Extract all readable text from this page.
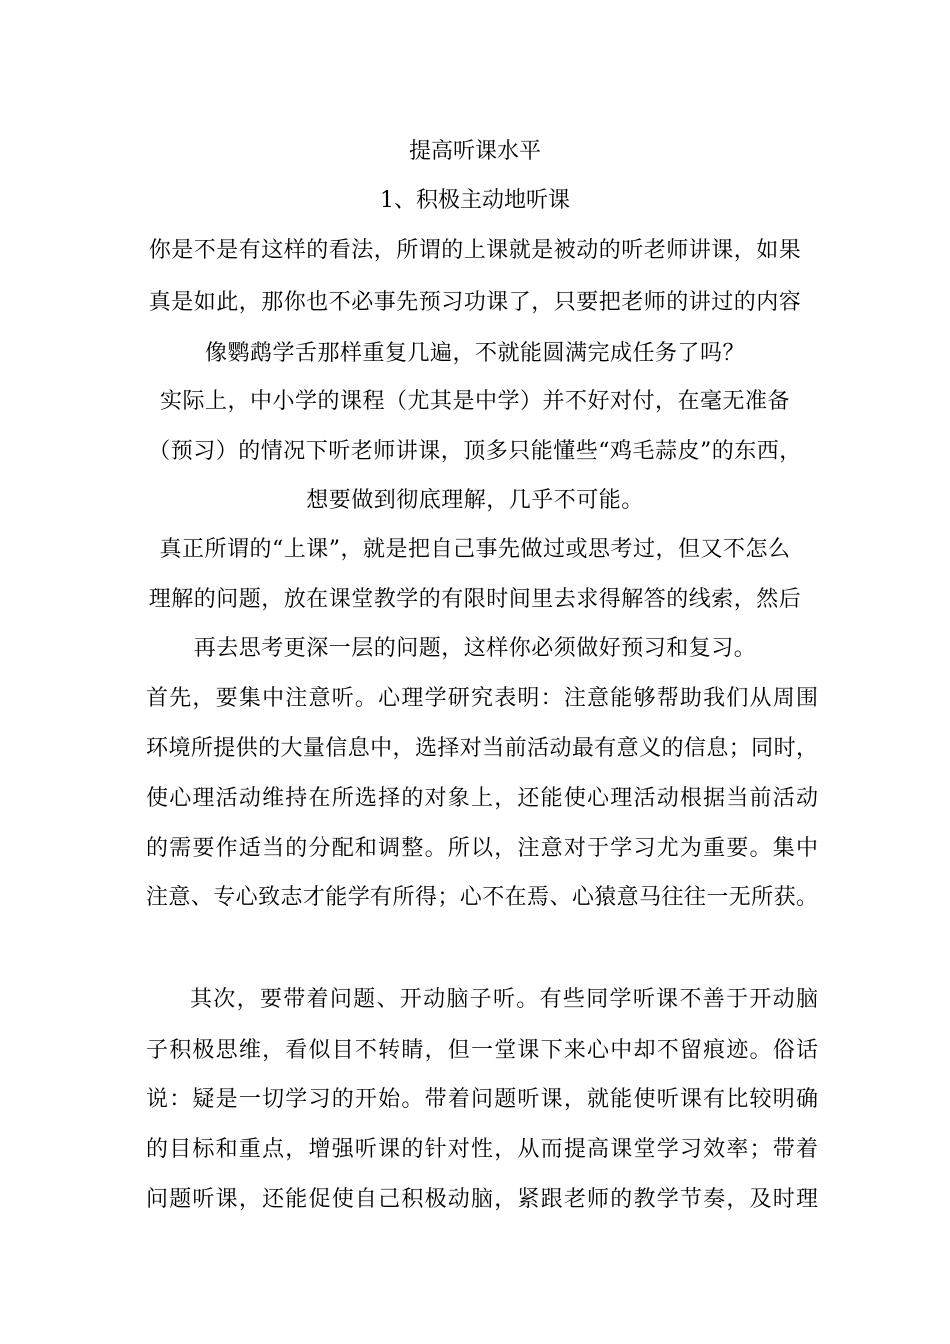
提高听课水平
1、积极主动地听课
你是不是有这样的看法，所谓的上课就是被动的听老师讲课，如果
真是如此，那你也不必事先预习功课了，只要把老师的讲过的内容
像鹦鹉学舌那样重复几遍，不就能圆满完成任务了吗？
实际上，中小学的课程（尤其是中学）并不好对付，在毫无准备
（预习）的情况下听老师讲课，顶多只能懂些“鸡毛蒜皮”的东西，
想要做到彻底理解，几乎不可能。
真正所谓的“上课”，就是把自己事先做过或思考过，但又不怎么
理解的问题，放在课堂教学的有限时间里去求得解答的线索，然后
再去思考更深一层的问题，这样你必须做好预习和复习。
首先，要集中注意听。心理学研究表明：注意能够帮助我们从周围
环境所提供的大量信息中，选择对当前活动最有意义的信息；同时，
使心理活动维持在所选择的对象上，还能使心理活动根据当前活动
的需要作适当的分配和调整。所以，注意对于学习尤为重要。集中
注意、专心致志才能学有所得；心不在焉、心猿意马往往一无所获。
其次，要带着问题、开动脑子听。有些同学听课不善于开动脑
子积极思维，看似目不转睛，但一堂课下来心中却不留痕迹。俗话
说：疑是一切学习的开始。带着问题听课，就能使听课有比较明确
的目标和重点，增强听课的针对性，从而提高课堂学习效率；带着
问题听课，还能促使自己积极动脑，紧跟老师的教学节奏，及时理
